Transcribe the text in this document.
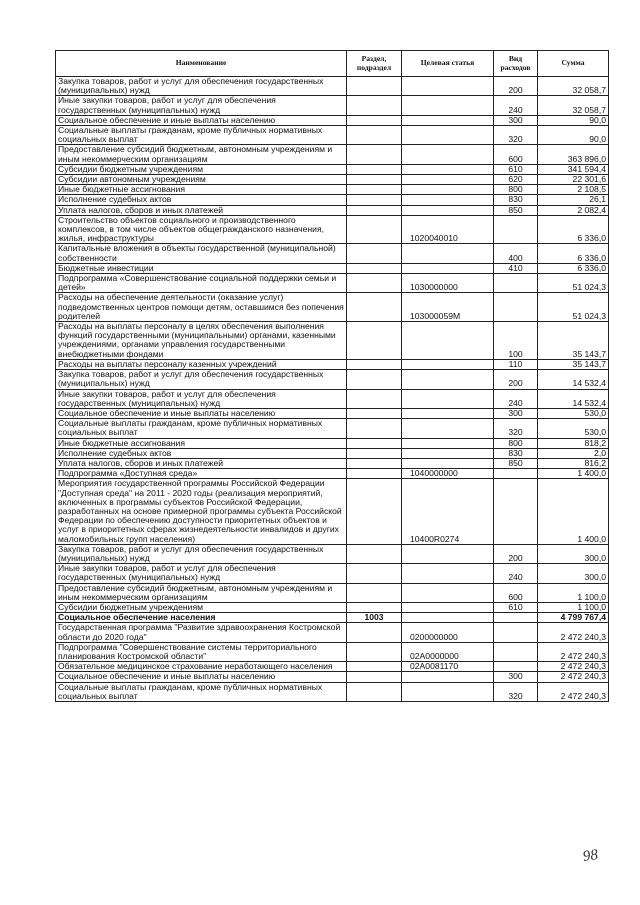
Наименование	Раздел, подраздел	Целевая статья	Вид расходов	Сумма
Закупка товаров, работ и услуг для обеспечения государственных (муниципальных) нужд			200	32 058,7
Иные закупки товаров, работ и услуг для обеспечения государственных (муниципальных) нужд			240	32 058,7
Социальное обеспечение и иные выплаты населению			300	90,0
Социальные выплаты гражданам, кроме публичных нормативных социальных выплат			320	90,0
Предоставление субсидий бюджетным, автономным учреждениям и иным некоммерческим организациям			600	363 896,0
Субсидии бюджетным учреждениям			610	341 594,4
Субсидии автономным учреждениям			620	22 301,6
Иные бюджетные ассигнования			800	2 108,5
Исполнение судебных актов			830	26,1
Уплата налогов, сборов и иных платежей			850	2 082,4
Строительство объектов социального и производственного комплексов, в том числе объектов общегражданского назначения, жилья, инфраструктуры		1020040010		6 336,0
Капитальные вложения в объекты государственной (муниципальной) собственности			400	6 336,0
Бюджетные инвестиции			410	6 336,0
Подпрограмма «Совершенствование социальной поддержки семьи и детей»		1030000000		51 024,3
Расходы на обеспечение деятельности (оказание услуг) подведомственных центров помощи детям, оставшимся без попечения родителей		103000059М		51 024,3
Расходы на выплаты персоналу в целях обеспечения выполнения функций государственными (муниципальными) органами, казенными учреждениями, органами управления государственными внебюджетными фондами			100	35 143,7
Расходы на выплаты персоналу казенных учреждений			110	35 143,7
Закупка товаров, работ и услуг для обеспечения государственных (муниципальных) нужд			200	14 532,4
Иные закупки товаров, работ и услуг для обеспечения государственных (муниципальных) нужд			240	14 532,4
Социальное обеспечение и иные выплаты населению			300	530,0
Социальные выплаты гражданам, кроме публичных нормативных социальных выплат			320	530,0
Иные бюджетные ассигнования			800	818,2
Исполнение судебных актов			830	2,0
Уплата налогов, сборов и иных платежей			850	816,2
Подпрограмма «Доступная среда»		1040000000		1 400,0
Мероприятия государственной программы Российской Федерации "Доступная среда" на 2011 - 2020 годы (реализация мероприятий, включенных в программы субъектов Российской Федерации, разработанных на основе примерной программы субъекта Российской Федерации по обеспечению доступности приоритетных объектов и услуг в приоритетных сферах жизнедеятельности инвалидов и других маломобильных групп населения)		10400R0274		1 400,0
Закупка товаров, работ и услуг для обеспечения государственных (муниципальных) нужд			200	300,0
Иные закупки товаров, работ и услуг для обеспечения государственных (муниципальных) нужд			240	300,0
Предоставление субсидий бюджетным, автономным учреждениям и иным некоммерческим организациям			600	1 100,0
Субсидии бюджетным учреждениям			610	1 100,0
Социальное обеспечение населения	1003			4 799 767,4
Государственная программа "Развитие здравоохранения Костромской области до 2020 года"		0200000000		2 472 240,3
Подпрограмма "Совершенствование системы территориального планирования Костромской области"		02А0000000		2 472 240,3
Обязательное медицинское страхование неработающего населения		02А0081170		2 472 240,3
Социальное обеспечение и иные выплаты населению			300	2 472 240,3
Социальные выплаты гражданам, кроме публичных нормативных социальных выплат			320	2 472 240,3
98
